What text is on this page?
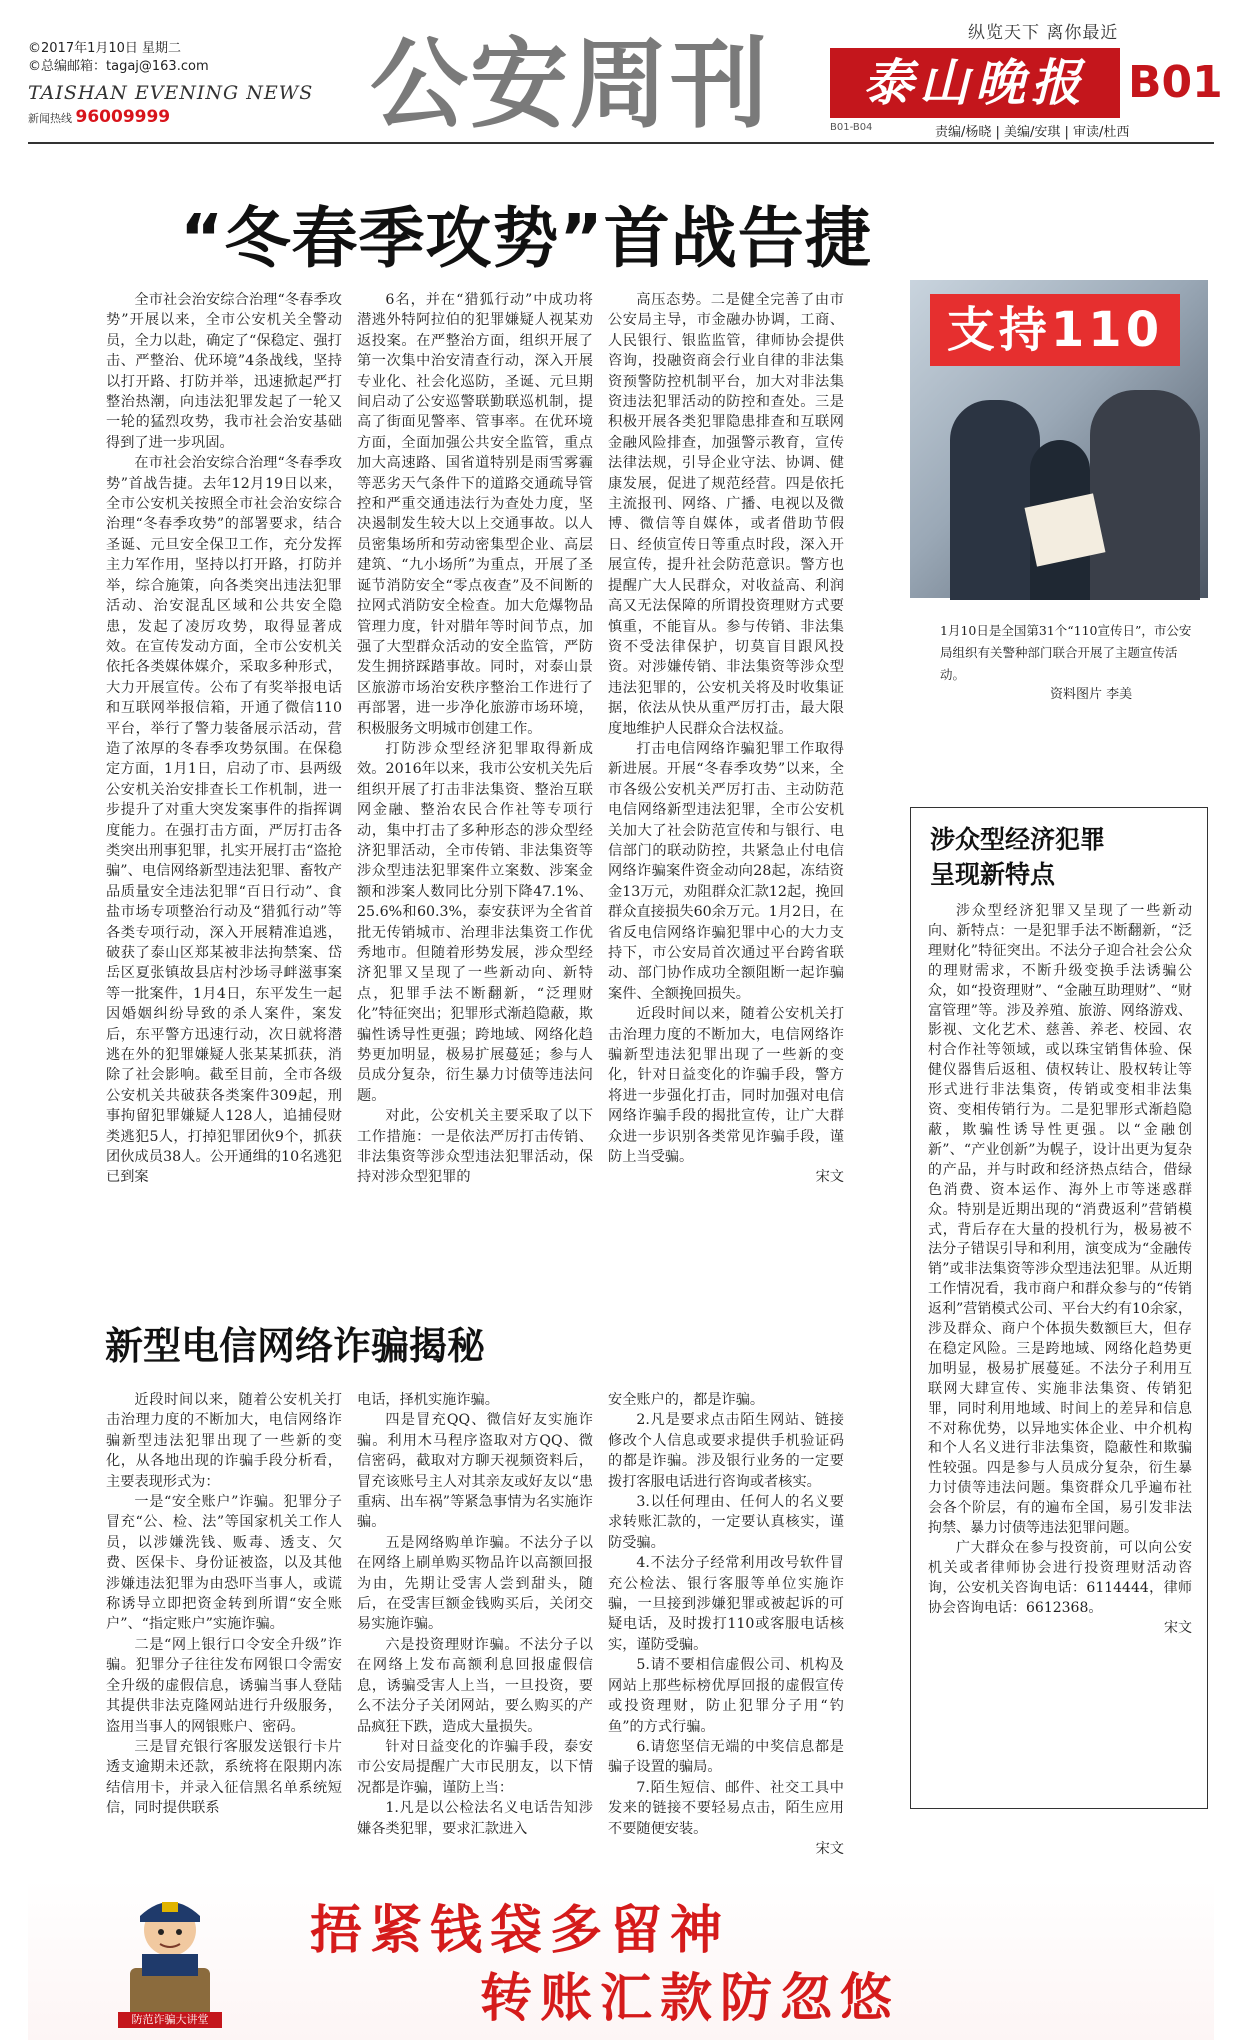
©2017年1月10日 星期二
©总编邮箱：tagaj@163.com
TAISHAN EVENING NEWS
新闻热线 96009999 公安周刊	纵览天下 离你最近
泰山晚报 B01
B01-B04	责编/杨晓 | 美编/安琪 | 审读/杜西
“冬春季攻势”首战告捷

全市社会治安综合治理“冬春季攻势”开展以来，全市公安机关全警动员，全力以赴，确定了“保稳定、强打击、严整治、优环境”4条战线，坚持以打开路、打防并举，迅速掀起严打整治热潮，向违法犯罪发起了一轮又一轮的猛烈攻势，我市社会治安基础得到了进一步巩固。

在市社会治安综合治理“冬春季攻势”首战告捷。去年12月19日以来，全市公安机关按照全市社会治安综合治理“冬春季攻势”的部署要求，结合圣诞、元旦安全保卫工作，充分发挥主力军作用，坚持以打开路，打防并举，综合施策，向各类突出违法犯罪活动、治安混乱区域和公共安全隐患，发起了凌厉攻势，取得显著成效。在宣传发动方面，全市公安机关依托各类媒体媒介，采取多种形式，大力开展宣传。公布了有奖举报电话和互联网举报信箱，开通了微信110平台，举行了警力装备展示活动，营造了浓厚的冬春季攻势氛围。在保稳定方面，1月1日，启动了市、县两级公安机关治安排查长工作机制，进一步提升了对重大突发案事件的指挥调度能力。在强打击方面，严厉打击各类突出刑事犯罪，扎实开展打击“盗抢骗”、电信网络新型违法犯罪、畜牧产品质量安全违法犯罪“百日行动”、食盐市场专项整治行动及“猎狐行动”等各类专项行动，深入开展精准追逃，破获了泰山区郑某被非法拘禁案、岱岳区夏张镇故县店村沙场寻衅滋事案等一批案件，1月4日，东平发生一起因婚姻纠纷导致的杀人案件，案发后，东平警方迅速行动，次日就将潜逃在外的犯罪嫌疑人张某某抓获，消除了社会影响。截至目前，全市各级公安机关共破获各类案件309起，刑事拘留犯罪嫌疑人128人，追捕侵财类逃犯5人，打掉犯罪团伙9个，抓获团伙成员38人。公开通缉的10名逃犯已到案

6名，并在“猎狐行动”中成功将潜逃外特阿拉伯的犯罪嫌疑人视某劝返投案。在严整治方面，组织开展了第一次集中治安清查行动，深入开展专业化、社会化巡防，圣诞、元旦期间启动了公安巡警联勤联巡机制，提高了街面见警率、管事率。在优环境方面，全面加强公共安全监管，重点加大高速路、国省道特别是雨雪雾霾等恶劣天气条件下的道路交通疏导管控和严重交通违法行为查处力度，坚决遏制发生较大以上交通事故。以人员密集场所和劳动密集型企业、高层建筑、“九小场所”为重点，开展了圣诞节消防安全“零点夜查”及不间断的拉网式消防安全检查。加大危爆物品管理力度，针对腊年等时间节点，加强了大型群众活动的安全监管，严防发生拥挤踩踏事故。同时，对泰山景区旅游市场治安秩序整治工作进行了再部署，进一步净化旅游市场环境，积极服务文明城市创建工作。

打防涉众型经济犯罪取得新成效。2016年以来，我市公安机关先后组织开展了打击非法集资、整治互联网金融、整治农民合作社等专项行动，集中打击了多种形态的涉众型经济犯罪活动，全市传销、非法集资等涉众型违法犯罪案件立案数、涉案金额和涉案人数同比分别下降47.1%、25.6%和60.3%，泰安获评为全省首批无传销城市、治理非法集资工作优秀地市。但随着形势发展，涉众型经济犯罪又呈现了一些新动向、新特点，犯罪手法不断翻新，“泛理财化”特征突出；犯罪形式渐趋隐蔽，欺骗性诱导性更强；跨地域、网络化趋势更加明显，极易扩展蔓延；参与人员成分复杂，衍生暴力讨债等违法问题。

对此，公安机关主要采取了以下工作措施：一是依法严厉打击传销、非法集资等涉众型违法犯罪活动，保持对涉众型犯罪的

高压态势。二是健全完善了由市公安局主导，市金融办协调，工商、人民银行、银监监管，律师协会提供咨询，投融资商会行业自律的非法集资预警防控机制平台，加大对非法集资违法犯罪活动的防控和查处。三是积极开展各类犯罪隐患排查和互联网金融风险排查，加强警示教育，宣传法律法规，引导企业守法、协调、健康发展，促进了规范经营。四是依托主流报刊、网络、广播、电视以及微博、微信等自媒体，或者借助节假日、经侦宣传日等重点时段，深入开展宣传，提升社会防范意识。警方也提醒广大人民群众，对收益高、利润高又无法保障的所谓投资理财方式要慎重，不能盲从。参与传销、非法集资不受法律保护，切莫盲目跟风投资。对涉嫌传销、非法集资等涉众型违法犯罪的，公安机关将及时收集证据，依法从快从重严厉打击，最大限度地维护人民群众合法权益。

打击电信网络诈骗犯罪工作取得新进展。开展“冬春季攻势”以来，全市各级公安机关严厉打击、主动防范电信网络新型违法犯罪，全市公安机关加大了社会防范宣传和与银行、电信部门的联动防控，共紧急止付电信网络诈骗案件资金动向28起，冻结资金13万元，劝阻群众汇款12起，挽回群众直接损失60余万元。1月2日，在省反电信网络诈骗犯罪中心的大力支持下，市公安局首次通过平台跨省联动、部门协作成功全额阻断一起诈骗案件、全额挽回损失。

近段时间以来，随着公安机关打击治理力度的不断加大，电信网络诈骗新型违法犯罪出现了一些新的变化，针对日益变化的诈骗手段，警方将进一步强化打击，同时加强对电信网络诈骗手段的揭批宣传，让广大群众进一步识别各类常见诈骗手段，谨防上当受骗。

宋文
支持110
1月10日是全国第31个“110宣传日”，市公安局组织有关警种部门联合开展了主题宣传活动。
资料图片 李美
涉众型经济犯罪
呈现新特点

涉众型经济犯罪又呈现了一些新动向、新特点：一是犯罪手法不断翻新，“泛理财化”特征突出。不法分子迎合社会公众的理财需求，不断升级变换手法诱骗公众，如“投资理财”、“金融互助理财”、“财富管理”等。涉及养殖、旅游、网络游戏、影视、文化艺术、慈善、养老、校园、农村合作社等领域，或以珠宝销售体验、保健仪器售后返租、债权转让、股权转让等形式进行非法集资，传销或变相非法集资、变相传销行为。二是犯罪形式渐趋隐蔽，欺骗性诱导性更强。以“金融创新”、“产业创新”为幌子，设计出更为复杂的产品，并与时政和经济热点结合，借绿色消费、资本运作、海外上市等迷惑群众。特别是近期出现的“消费返利”营销模式，背后存在大量的投机行为，极易被不法分子错误引导和利用，演变成为“金融传销”或非法集资等涉众型违法犯罪。从近期工作情况看，我市商户和群众参与的“传销返利”营销模式公司、平台大约有10余家，涉及群众、商户个体损失数额巨大，但存在稳定风险。三是跨地域、网络化趋势更加明显，极易扩展蔓延。不法分子利用互联网大肆宣传、实施非法集资、传销犯罪，同时利用地域、时间上的差异和信息不对称优势，以异地实体企业、中介机构和个人名义进行非法集资，隐蔽性和欺骗性较强。四是参与人员成分复杂，衍生暴力讨债等违法问题。集资群众几乎遍布社会各个阶层，有的遍布全国，易引发非法拘禁、暴力讨债等违法犯罪问题。

广大群众在参与投资前，可以向公安机关或者律师协会进行投资理财活动咨询，公安机关咨询电话：6114444，律师协会咨询电话：6612368。

宋文
新型电信网络诈骗揭秘

近段时间以来，随着公安机关打击治理力度的不断加大，电信网络诈骗新型违法犯罪出现了一些新的变化，从各地出现的诈骗手段分析看，主要表现形式为：

一是“安全账户”诈骗。犯罪分子冒充“公、检、法”等国家机关工作人员，以涉嫌洗钱、贩毒、透支、欠费、医保卡、身份证被盗，以及其他涉嫌违法犯罪为由恐吓当事人，或谎称诱导立即把资金转到所谓“安全账户”、“指定账户”实施诈骗。

二是“网上银行口令安全升级”诈骗。犯罪分子往往发布网银口令需安全升级的虚假信息，诱骗当事人登陆其提供非法克隆网站进行升级服务，盗用当事人的网银账户、密码。

三是冒充银行客服发送银行卡片透支逾期未还款，系统将在限期内冻结信用卡，并录入征信黑名单系统短信，同时提供联系

电话，择机实施诈骗。

四是冒充QQ、微信好友实施诈骗。利用木马程序盗取对方QQ、微信密码，截取对方聊天视频资料后，冒充该账号主人对其亲友或好友以“患重病、出车祸”等紧急事情为名实施诈骗。

五是网络购单诈骗。不法分子以在网络上刷单购买物品许以高额回报为由，先期让受害人尝到甜头，随后，在受害巨额金钱购买后，关闭交易实施诈骗。

六是投资理财诈骗。不法分子以在网络上发布高额利息回报虚假信息，诱骗受害人上当，一旦投资，要么不法分子关闭网站，要么购买的产品疯狂下跌，造成大量损失。

针对日益变化的诈骗手段，泰安市公安局提醒广大市民朋友，以下情况都是诈骗，谨防上当：

1.凡是以公检法名义电话告知涉嫌各类犯罪，要求汇款进入

安全账户的，都是诈骗。

2.凡是要求点击陌生网站、链接修改个人信息或要求提供手机验证码的都是诈骗。涉及银行业务的一定要拨打客服电话进行咨询或者核实。

3.以任何理由、任何人的名义要求转账汇款的，一定要认真核实，谨防受骗。

4.不法分子经常利用改号软件冒充公检法、银行客服等单位实施诈骗，一旦接到涉嫌犯罪或被起诉的可疑电话，及时拨打110或客服电话核实，谨防受骗。

5.请不要相信虚假公司、机构及网站上那些标榜优厚回报的虚假宣传或投资理财，防止犯罪分子用“钓鱼”的方式行骗。

6.请您坚信无端的中奖信息都是骗子设置的骗局。

7.陌生短信、邮件、社交工具中发来的链接不要轻易点击，陌生应用不要随便安装。

宋文
防范诈骗大讲堂
捂紧钱袋多留神
转账汇款防忽悠
